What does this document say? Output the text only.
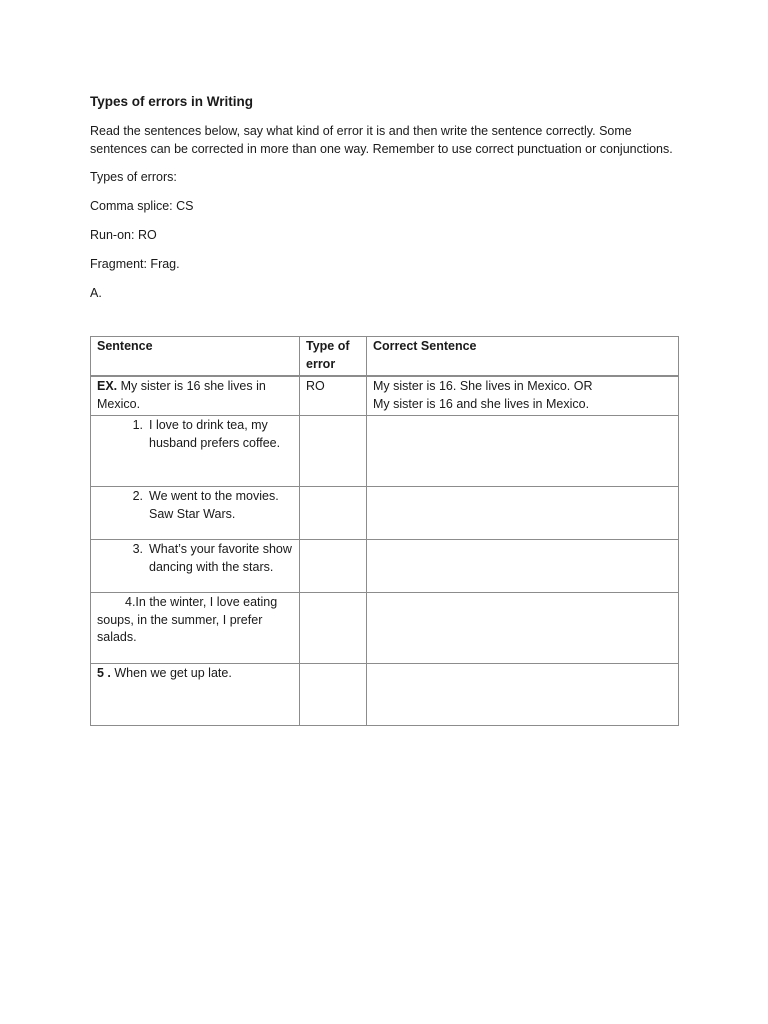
Types of errors in Writing
Read the sentences below, say what kind of error it is and then write the sentence correctly. Some sentences can be corrected in more than one way. Remember to use correct punctuation or conjunctions.
Types of errors:
Comma splice: CS
Run-on: RO
Fragment: Frag.
A.
Sentence	Type of error	Correct Sentence
EX. My sister is 16 she lives in Mexico.	RO	My sister is 16. She lives in Mexico. OR
My sister is 16 and she lives in Mexico.

1. I love to drink tea, my husband prefers coffee.		

2. We went to the movies. Saw Star Wars.		

3. What’s your favorite show dancing with the stars.		

4.In the winter, I love eating soups, in the summer, I prefer salads.		

5 . When we get up late.		
